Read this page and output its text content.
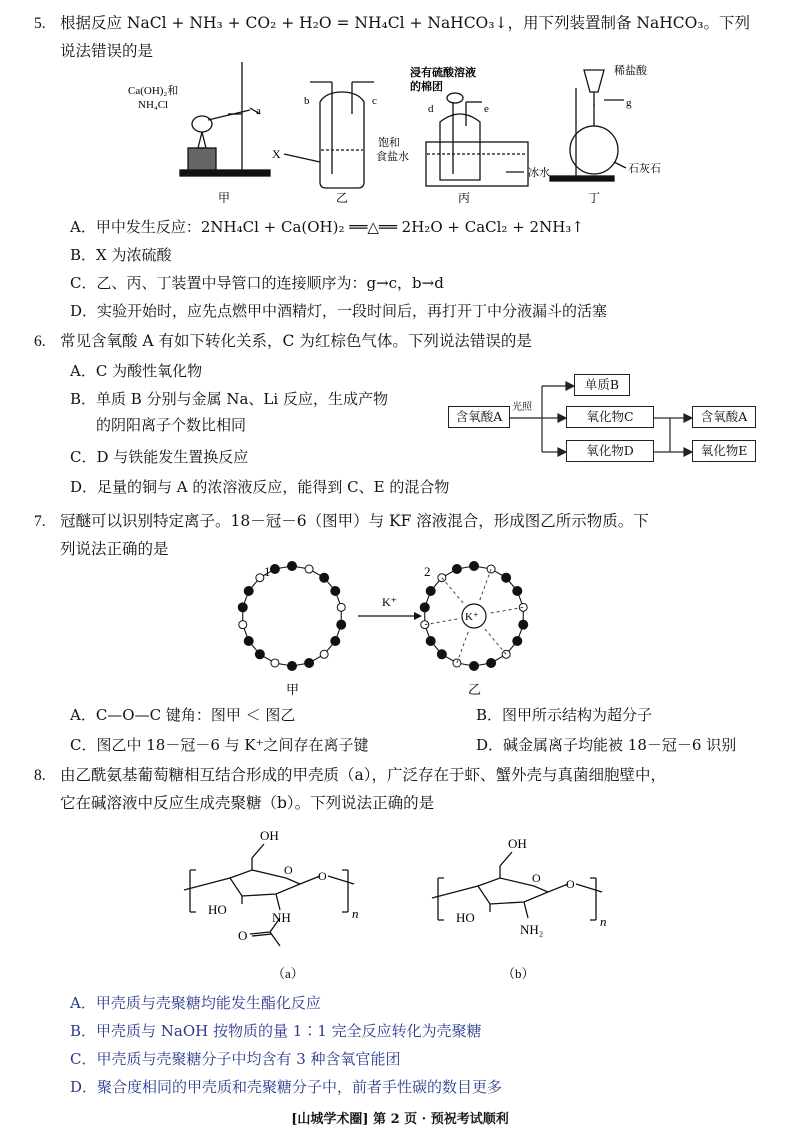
5. 根据反应 NaCl + NH₃ + CO₂ + H₂O = NH₄Cl + NaHCO₃↓，用下列装置制备 NaHCO₃。下列
说法错误的是
Ca(OH)₂和
NH₄Cl	a
b	c
X
浸有硫酸溶液
的棉团
d	e
饱和
食盐水
冰水
稀盐酸
g
石灰石
甲	乙	丙	丁
A．甲中发生反应：2NH₄Cl + Ca(OH)₂ ══△══ 2H₂O + CaCl₂ + 2NH₃↑
B．X 为浓硫酸
C．乙、丙、丁装置中导管口的连接顺序为：g→c，b→d
D．实验开始时，应先点燃甲中酒精灯，一段时间后，再打开丁中分液漏斗的活塞
6. 常见含氧酸 A 有如下转化关系，C 为红棕色气体。下列说法错误的是
A．C 为酸性氧化物
B．单质 B 分别与金属 Na、Li 反应，生成产物
的阴阳离子个数比相同
C．D 与铁能发生置换反应
D．足量的铜与 A 的浓溶液反应，能得到 C、E 的混合物
含氧酸A
光照
单质B
氧化物C
氧化物D
含氧酸A
氧化物E
7. 冠醚可以识别特定离子。18－冠－6（图甲）与 KF 溶液混合，形成图乙所示物质。下
列说法正确的是
K⁺
K⁺
1	2
甲	乙
A．C—O—C 键角：图甲 ＜ 图乙	B．图甲所示结构为超分子
C．图乙中 18－冠－6 与 K⁺之间存在离子键	D．碱金属离子均能被 18－冠－6 识别
8. 由乙酰氨基葡萄糖相互结合形成的甲壳质（a），广泛存在于虾、蟹外壳与真菌细胞壁中，
它在碱溶液中反应生成壳聚糖（b）。下列说法正确的是
OH
O O
HO
NH
O
n
OH
O O
HO
NH₂
n
（a）	（b）
A．甲壳质与壳聚糖均能发生酯化反应
B．甲壳质与 NaOH 按物质的量 1∶1 完全反应转化为壳聚糖
C．甲壳质与壳聚糖分子中均含有 3 种含氧官能团
D．聚合度相同的甲壳质和壳聚糖分子中，前者手性碳的数目更多
[山城学术圈] 第 2 页 · 预祝考试顺利
